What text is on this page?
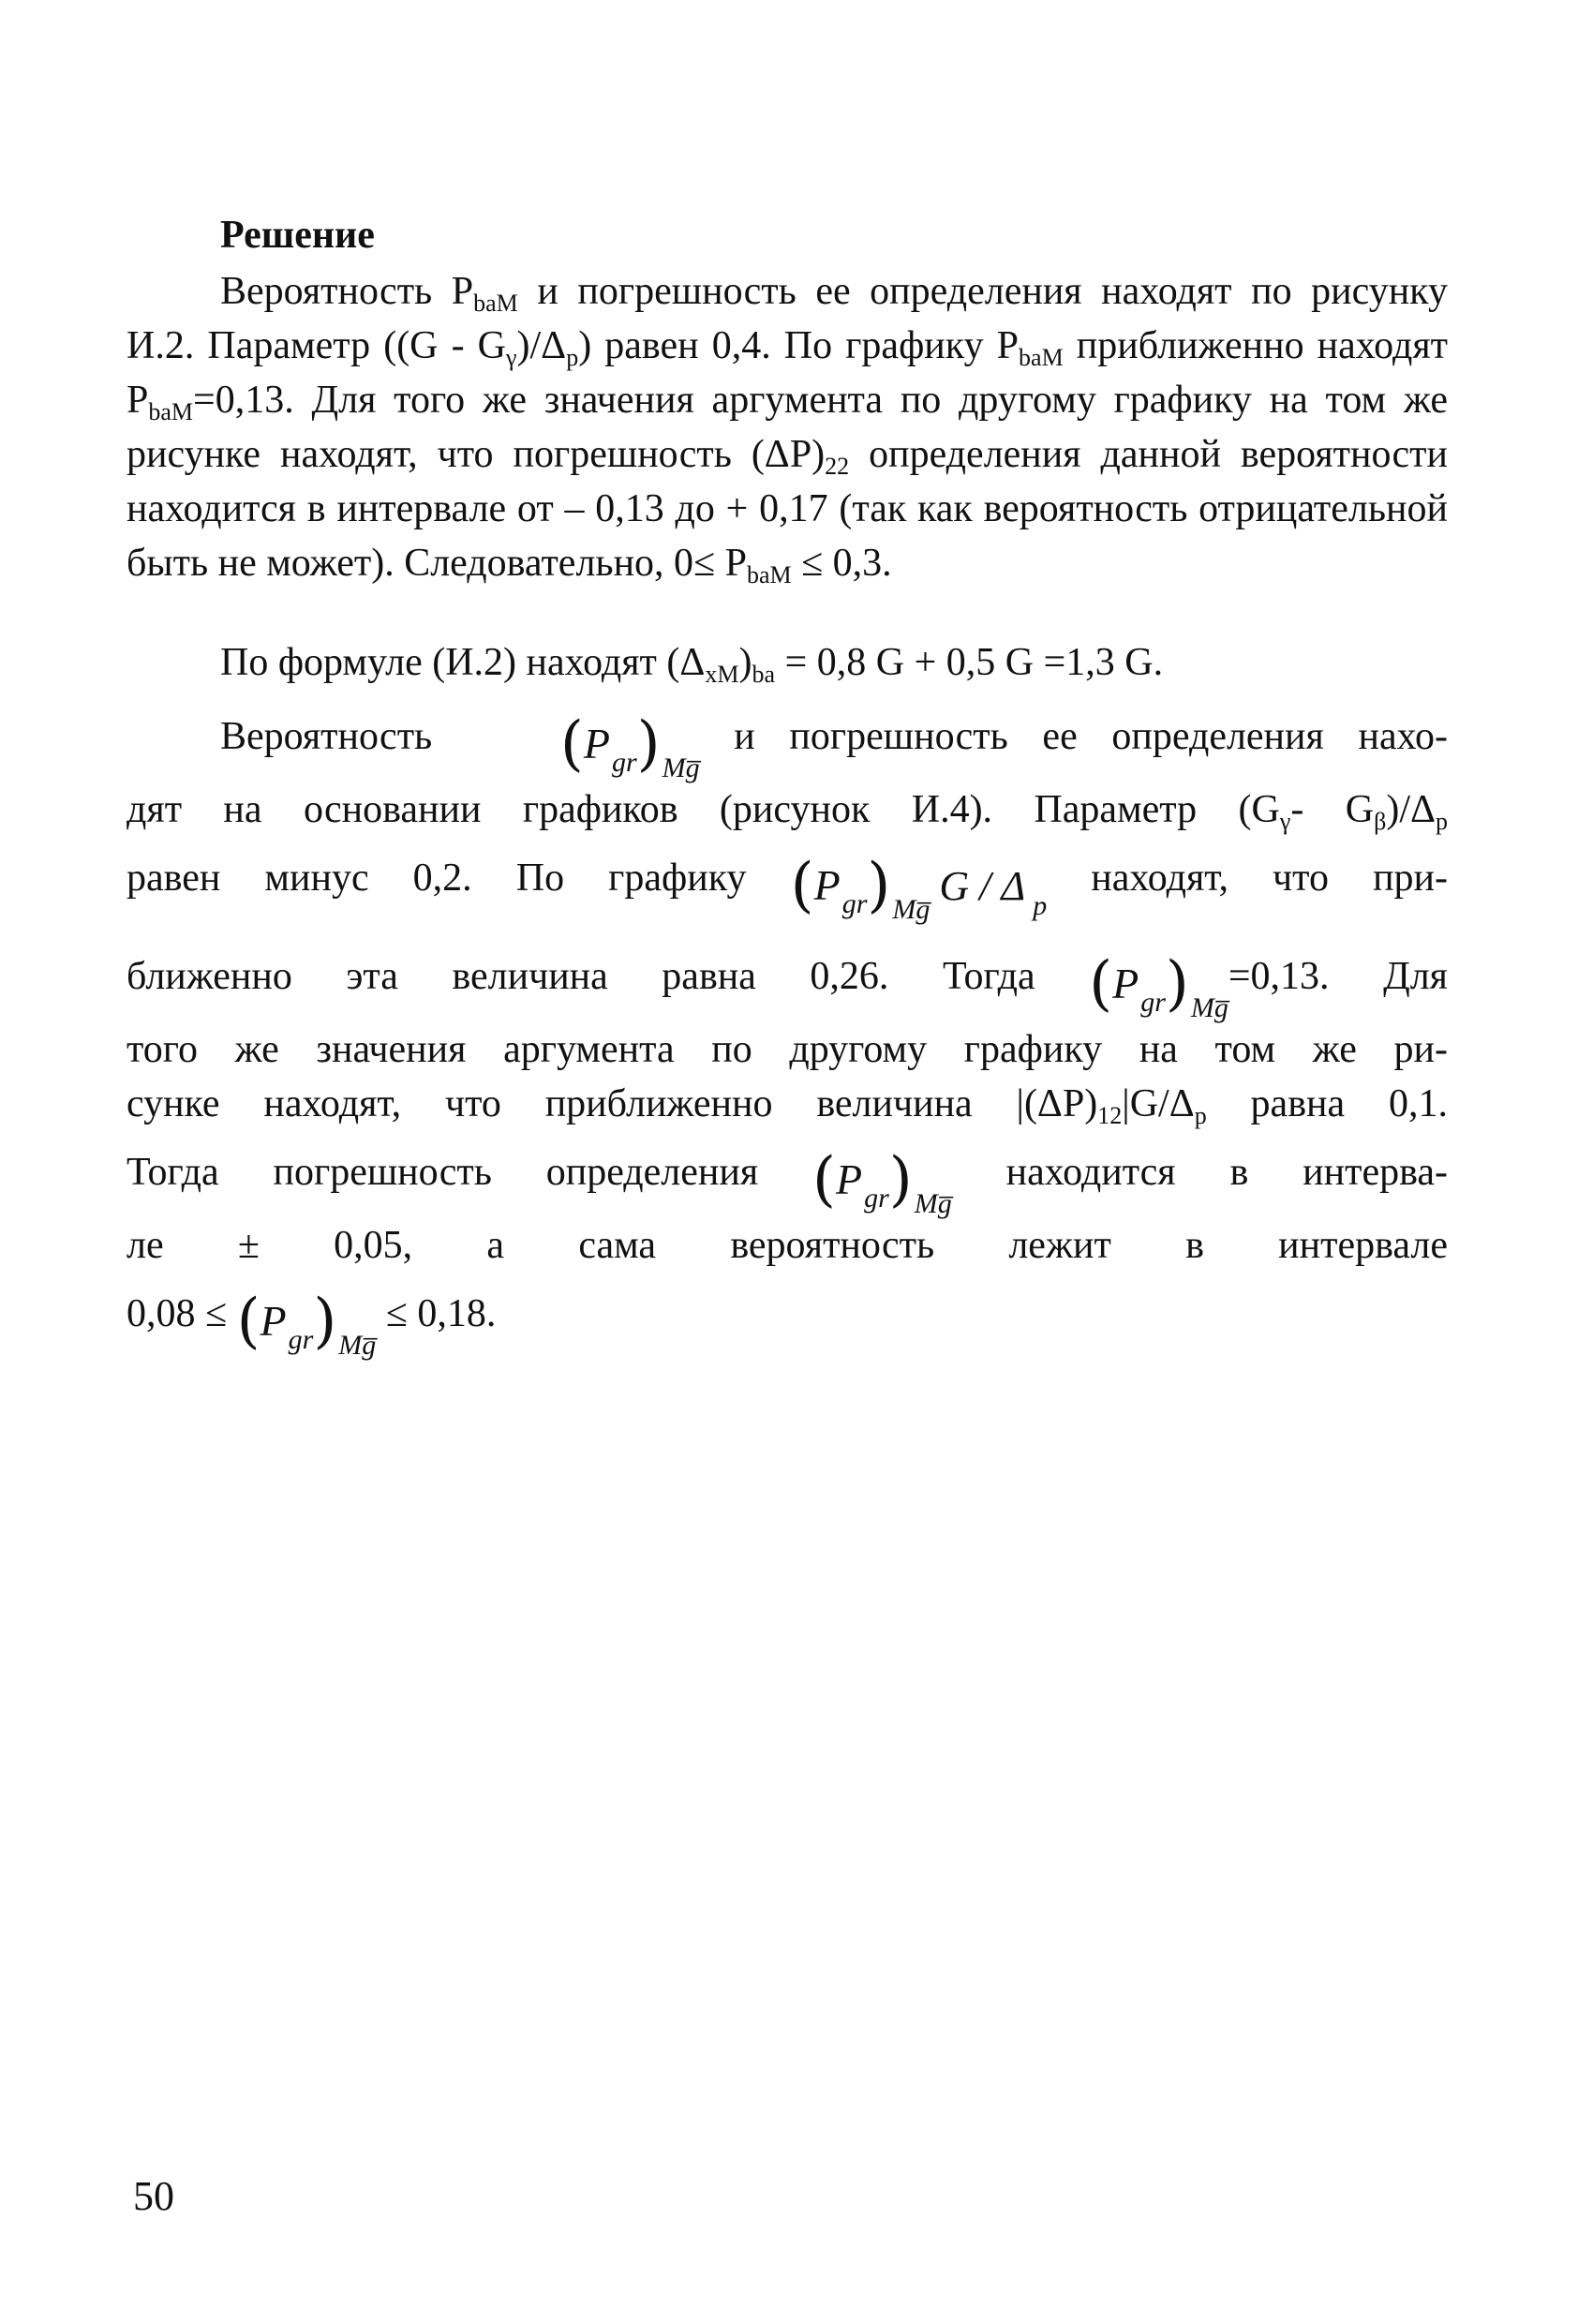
Решение

Вероятность $P_{baM}$ и погрешность ее определения находят по рисунку И.2. Параметр $((G - G_\gamma)/\Delta_p)$ равен 0,4. По графику $P_{baM}$ приближенно находят $P_{baM}=0,13$. Для того же значения аргумента по другому графику на том же рисунке находят, что погрешность $(\Delta P)_{22}$ определения данной вероятности находится в интервале от – 0,13 до + 0,17 (так как вероятность отрицательной быть не может). Следовательно, $0\le P_{baM} \le 0,3$.

По формуле (И.2) находят $(\Delta_{xM})_{ba} = 0,8$ G + 0,5 G =1,3 G.

Вероятность $(P_{gr})_{Mg̅}$ и погрешность ее определения нахо-

дят на основании графиков (рисунок И.4). Параметр ($G_\gamma-$ $G_\beta)/\Delta_p$

равен минус 0,2. По графику $(P_{gr})_{Mg̅}G$ / Δ $_p$ находят, что при-

ближенно эта величина равна 0,26. Тогда $(P_{gr})_{Mg̅}=0,13$. Для

того же значения аргумента по другому графику на том же ри-

сунке находят, что приближенно величина $|(\Delta P)_{12}|G/\Delta_p$ равна 0,1.

Тогда погрешность определения $(P_{gr})_{Mg̅}$ находится в интерва-

ле ± 0,05, а сама вероятность лежит в интервале

$0,08 \le (P_{gr})_{Mg̅} \le 0,18$.

50
